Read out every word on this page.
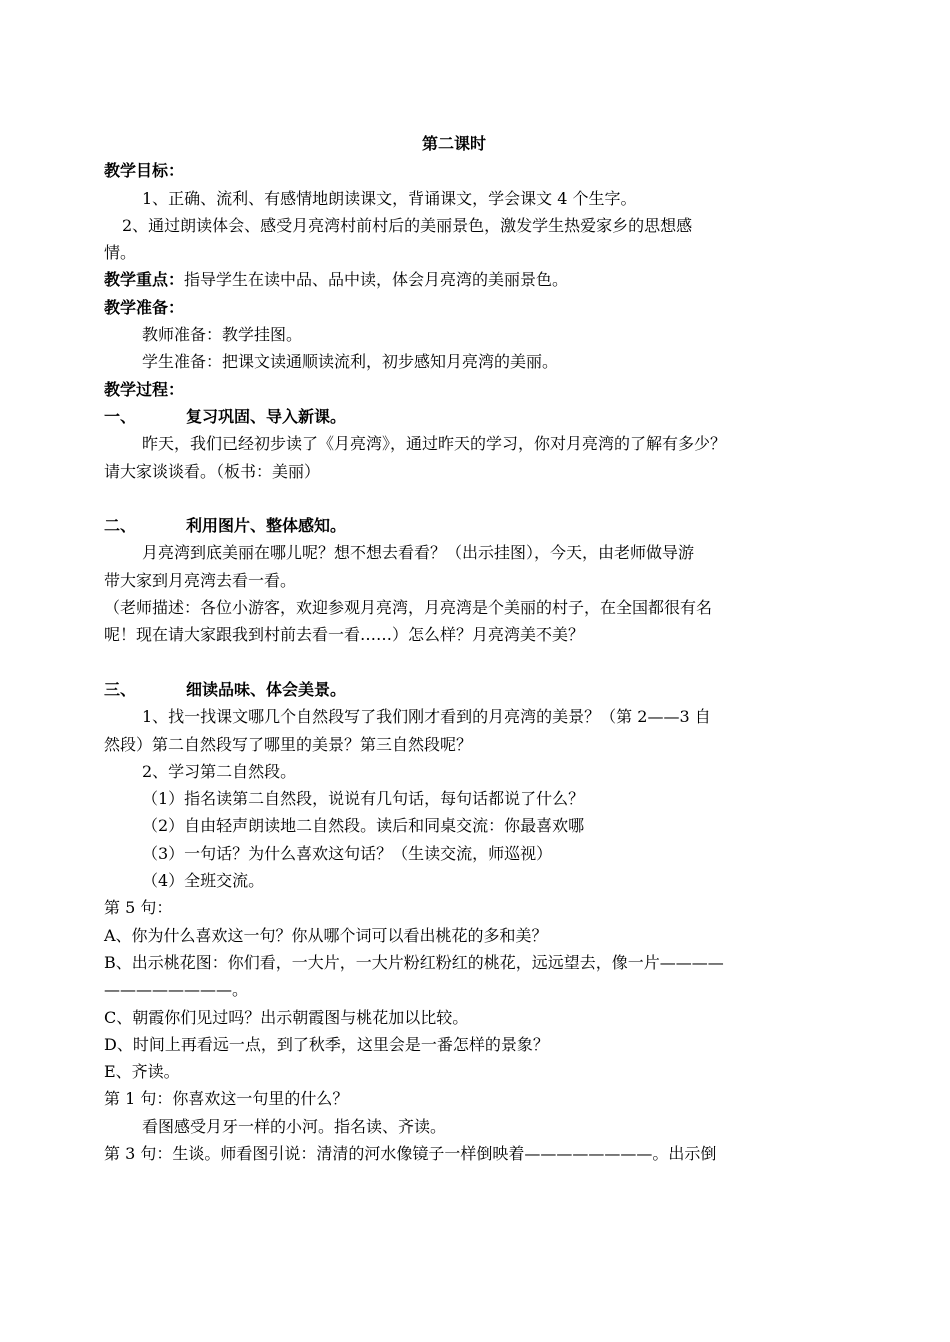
第二课时
教学目标：
1、正确、流利、有感情地朗读课文，背诵课文，学会课文 4 个生字。
2、通过朗读体会、感受月亮湾村前村后的美丽景色，激发学生热爱家乡的思想感
情。
教学重点：指导学生在读中品、品中读，体会月亮湾的美丽景色。
教学准备：
教师准备：教学挂图。
学生准备：把课文读通顺读流利，初步感知月亮湾的美丽。
教学过程：
一、	复习巩固、导入新课。
昨天，我们已经初步读了《月亮湾》，通过昨天的学习，你对月亮湾的了解有多少？
请大家谈谈看。（板书：美丽）
二、	利用图片、整体感知。
月亮湾到底美丽在哪儿呢？想不想去看看？（出示挂图），今天，由老师做导游
带大家到月亮湾去看一看。
（老师描述：各位小游客，欢迎参观月亮湾，月亮湾是个美丽的村子，在全国都很有名
呢！现在请大家跟我到村前去看一看……）怎么样？月亮湾美不美？
三、	细读品味、体会美景。
1、找一找课文哪几个自然段写了我们刚才看到的月亮湾的美景？（第 2——3 自
然段）第二自然段写了哪里的美景？第三自然段呢？
2、学习第二自然段。
（1）指名读第二自然段，说说有几句话，每句话都说了什么？
（2）自由轻声朗读地二自然段。读后和同桌交流：你最喜欢哪
（3）一句话？为什么喜欢这句话？（生读交流，师巡视）
（4）全班交流。
第 5 句：
A、你为什么喜欢这一句？你从哪个词可以看出桃花的多和美？
B、出示桃花图：你们看，一大片，一大片粉红粉红的桃花，远远望去，像一片————
————————。
C、朝霞你们见过吗？出示朝霞图与桃花加以比较。
D、时间上再看远一点，到了秋季，这里会是一番怎样的景象？
E、齐读。
第 1 句：你喜欢这一句里的什么？
看图感受月牙一样的小河。指名读、齐读。
第 3 句：生谈。师看图引说：清清的河水像镜子一样倒映着————————。出示倒
